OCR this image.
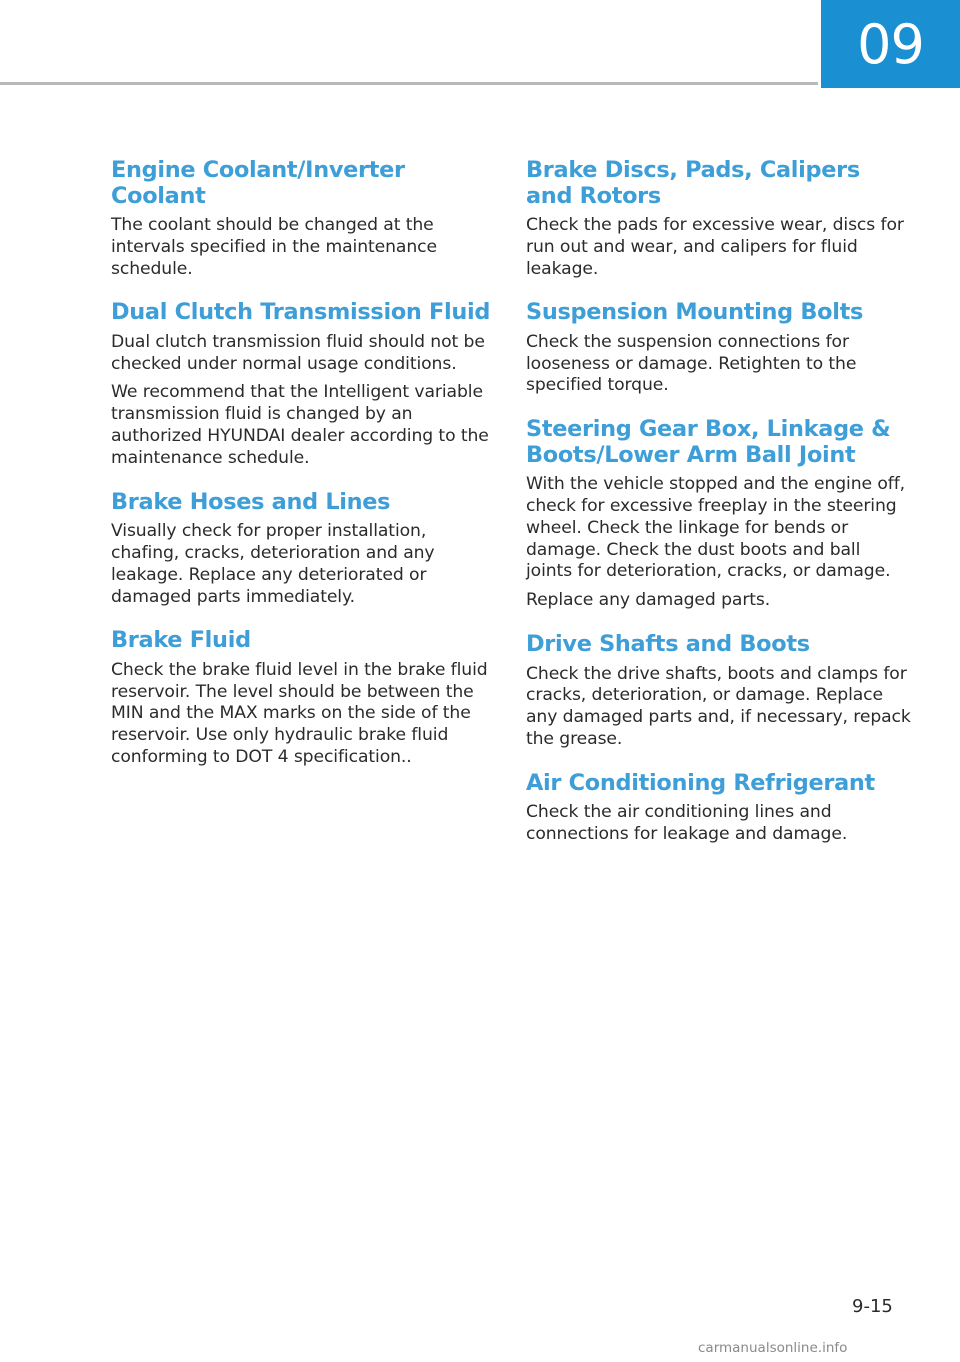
09
Engine Coolant/Inverter Coolant

The coolant should be changed at the intervals specified in the maintenance schedule.

Dual Clutch Transmission Fluid

Dual clutch transmission fluid should not be checked under normal usage conditions.

We recommend that the Intelligent variable transmission fluid is changed by an authorized HYUNDAI dealer according to the maintenance schedule.

Brake Hoses and Lines

Visually check for proper installation, chafing, cracks, deterioration and any leakage. Replace any deteriorated or damaged parts immediately.

Brake Fluid

Check the brake fluid level in the brake fluid reservoir. The level should be between the MIN and the MAX marks on the side of the reservoir. Use only hydraulic brake fluid conforming to DOT 4 specification..

Brake Discs, Pads, Calipers and Rotors

Check the pads for excessive wear, discs for run out and wear, and calipers for fluid leakage.

Suspension Mounting Bolts

Check the suspension connections for looseness or damage. Retighten to the specified torque.

Steering Gear Box, Linkage & Boots/Lower Arm Ball Joint

With the vehicle stopped and the engine off, check for excessive freeplay in the steering wheel. Check the linkage for bends or damage. Check the dust boots and ball joints for deterioration, cracks, or damage.

Replace any damaged parts.

Drive Shafts and Boots

Check the drive shafts, boots and clamps for cracks, deterioration, or damage. Replace any damaged parts and, if necessary, repack the grease.

Air Conditioning Refrigerant

Check the air conditioning lines and connections for leakage and damage.

9-15
carmanualsonline.info
